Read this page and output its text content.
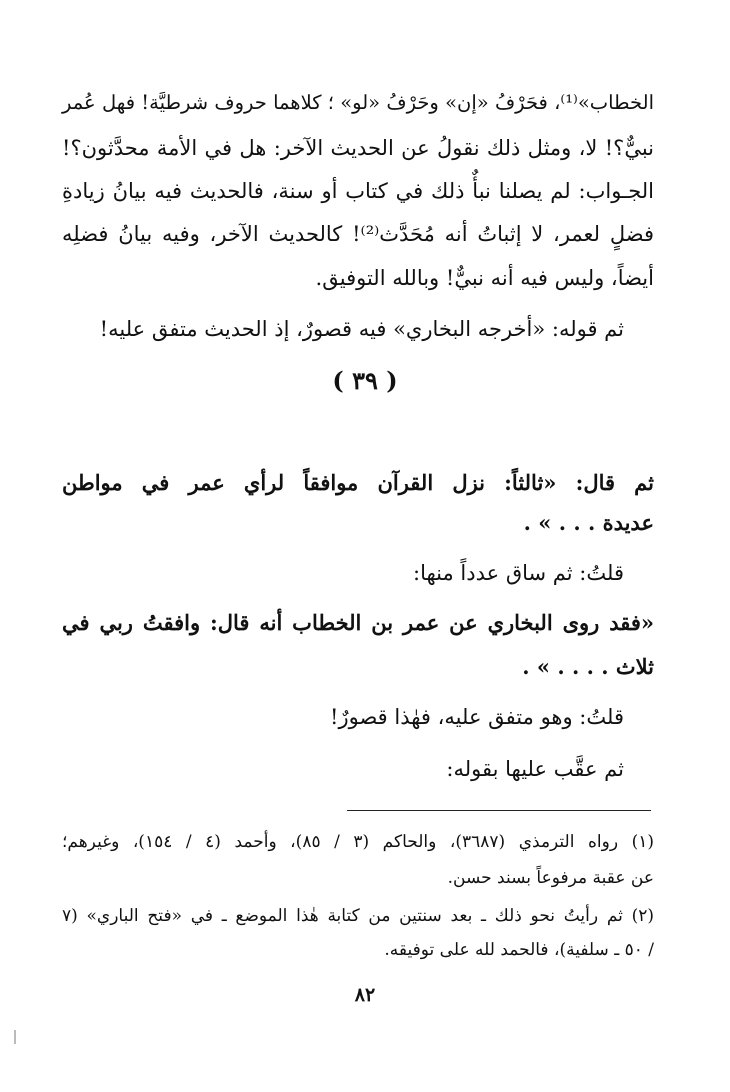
الخطاب»⁽¹⁾، فحَرْفُ «إن» وحَرْفُ «لو» ؛ كلاهما حروف شرطيَّة! فهل عُمر
نبيٌّ؟! لا، ومثل ذلك نقولُ عن الحديث الآخر: هل في الأمة محدَّثون؟!
الجـواب: لم يصلنا نبأٌ ذلك في كتاب أو سنة، فالحديث فيه بيانُ زيادةِ
فضلٍ لعمر، لا إثباتُ أنه مُحَدَّث⁽²⁾! كالحديث الآخر، وفيه بيانُ فضلِه
أيضاً، وليس فيه أنه نبيٌّ! وبالله التوفيق.
ثم قوله: «أخرجه البخاري» فيه قصورٌ، إذ الحديث متفق عليه!
( ٣٩ )
ثم قال: «ثالثاً: نزل القرآن موافقاً لرأي عمر في مواطن
عديدة . . . » .
قلتُ: ثم ساق عدداً منها:
«فقد روى البخاري عن عمر بن الخطاب أنه قال: وافقتُ ربي في
ثلاث . . . . » .
قلتُ: وهو متفق عليه، فهٰذا قصورٌ!
ثم عقَّب عليها بقوله:
(١) رواه الترمذي (٣٦٨٧)، والحاكم (٣ / ٨٥)، وأحمد (٤ / ١٥٤)، وغيرهم؛
عن عقبة مرفوعاً بسند حسن.
(٢) ثم رأيتُ نحو ذلك ـ بعد سنتين من كتابة هٰذا الموضع ـ في «فتح الباري» (٧
/ ٥٠ ـ سلفية)، فالحمد لله على توفيقه.
٨٢
